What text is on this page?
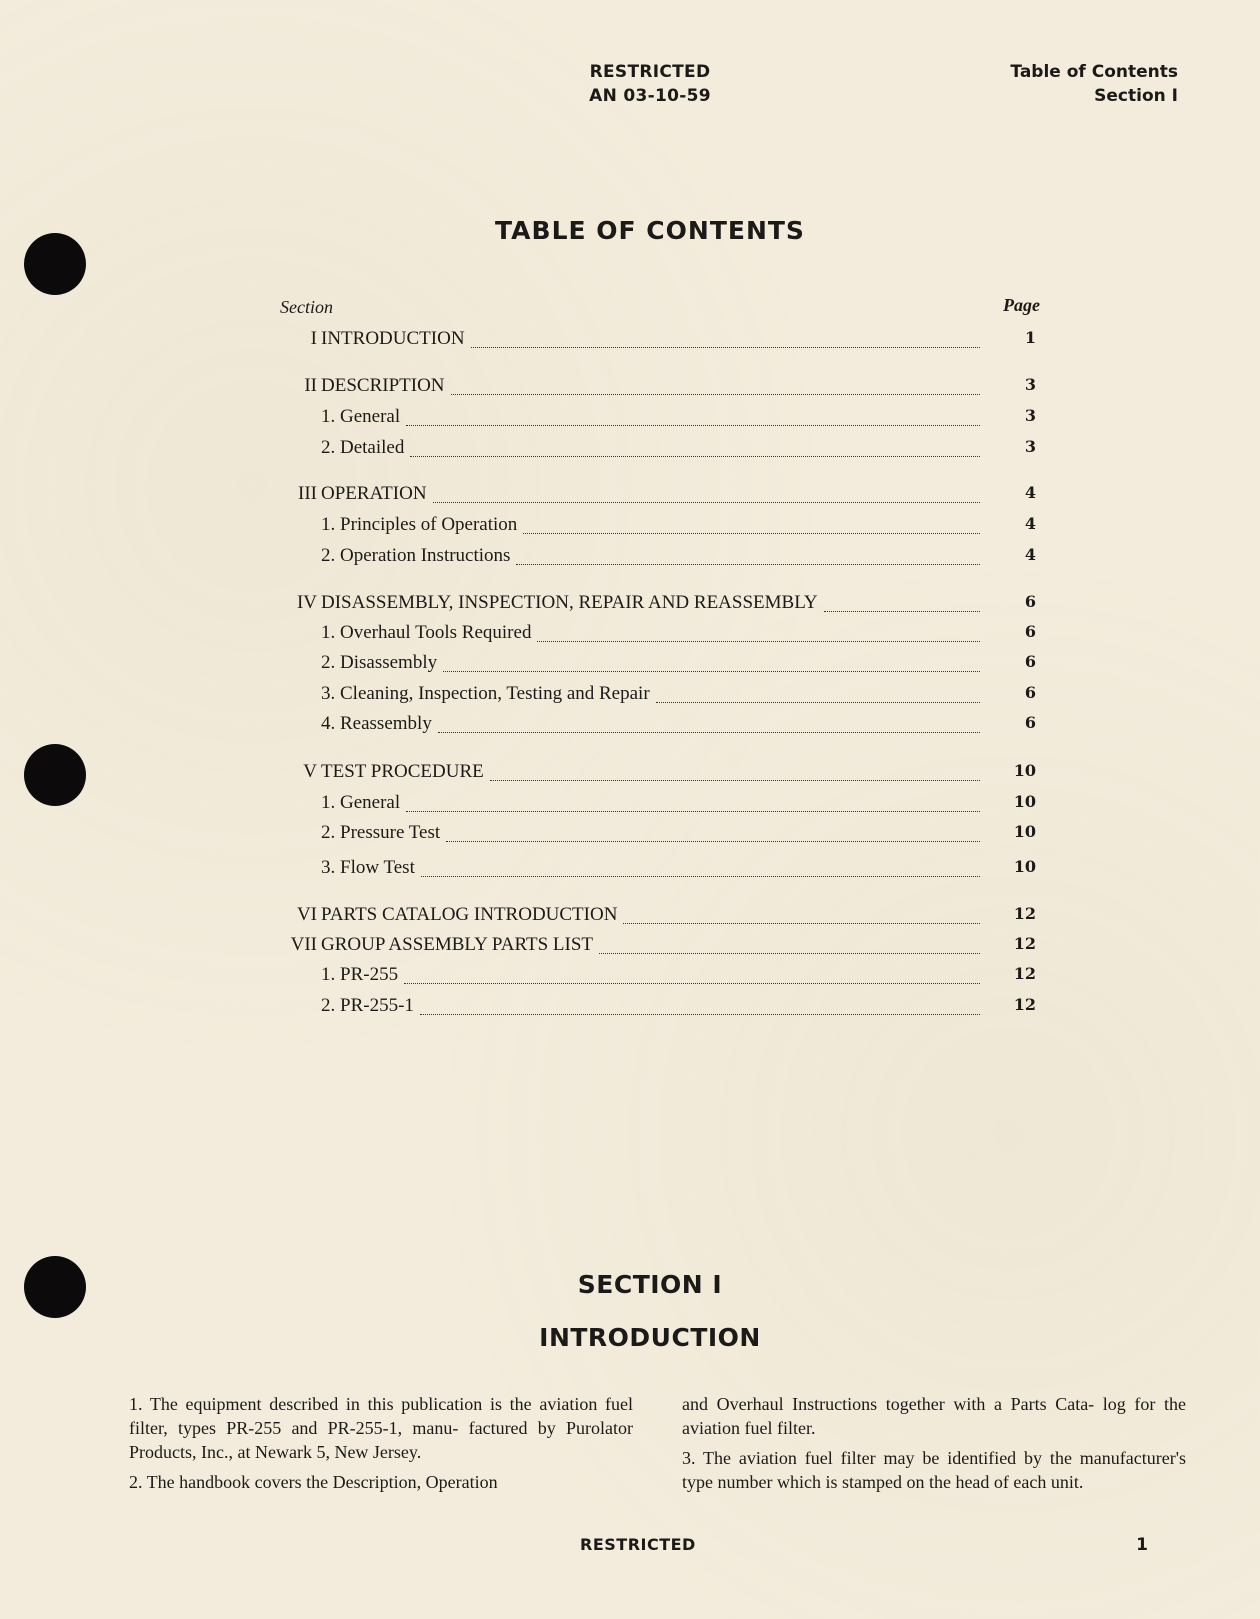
RESTRICTED
AN 03-10-59
Table of Contents
Section I
TABLE OF CONTENTS
Section	Page
I INTRODUCTION	1
II DESCRIPTION	3
1. General	3
2. Detailed	3
III OPERATION	4
1. Principles of Operation	4
2. Operation Instructions	4
IV DISASSEMBLY, INSPECTION, REPAIR AND REASSEMBLY	6
1. Overhaul Tools Required	6
2. Disassembly	6
3. Cleaning, Inspection, Testing and Repair	6
4. Reassembly	6
V TEST PROCEDURE	10
1. General	10
2. Pressure Test	10
3. Flow Test	10
VI PARTS CATALOG INTRODUCTION	12
VII GROUP ASSEMBLY PARTS LIST	12
1. PR-255	12
2. PR-255-1	12
SECTION I
INTRODUCTION

1. The equipment described in this publication is the aviation fuel filter, types PR-255 and PR-255-1, manu- factured by Purolator Products, Inc., at Newark 5, New Jersey.

2. The handbook covers the Description, Operation

and Overhaul Instructions together with a Parts Cata- log for the aviation fuel filter.

3. The aviation fuel filter may be identified by the manufacturer's type number which is stamped on the head of each unit.

RESTRICTED	1
